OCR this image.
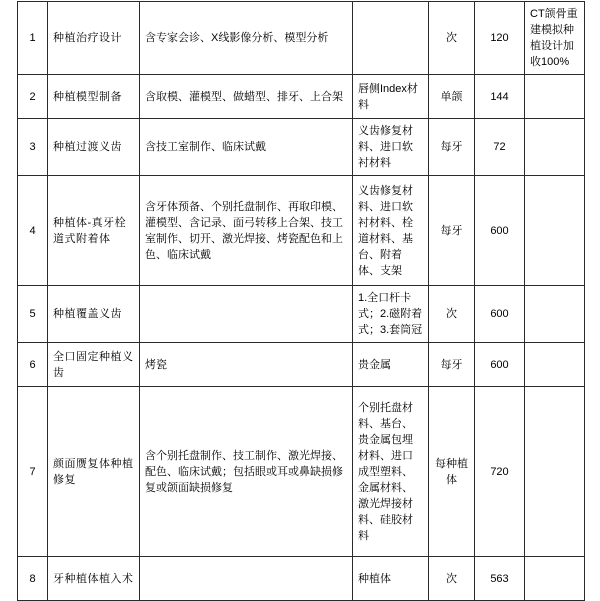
1	种植治疗设计	含专家会诊、X线影像分析、模型分析		次	120	CT颌骨重建模拟种植设计加收100%
2	种植模型制备	含取模、灌模型、做蜡型、排牙、上合架	唇侧Index材料	单颌	144	
3	种植过渡义齿	含技工室制作、临床试戴	义齿修复材料、进口软衬材料	每牙	72	
4	种植体-真牙栓道式附着体	含牙体预备、个别托盘制作、再取印模、灌模型、含记录、面弓转移上合架、技工室制作、切开、激光焊接、烤瓷配色和上色、临床试戴	义齿修复材料、进口软衬材料、栓道材料、基台、附着体、支架	每牙	600	
5	种植覆盖义齿		1.全口杆卡式；2.磁附着式；3.套筒冠	次	600	
6	全口固定种植义齿	烤瓷	贵金属	每牙	600	
7	颜面赝复体种植修复	含个别托盘制作、技工制作、激光焊接、配色、临床试戴；包括眼或耳或鼻缺损修复或颌面缺损修复	个别托盘材料、基台、贵金属包埋材料、进口成型塑料、金属材料、激光焊接材料、硅胶材料	每种植体	720	
8	牙种植体植入术		种植体	次	563	
